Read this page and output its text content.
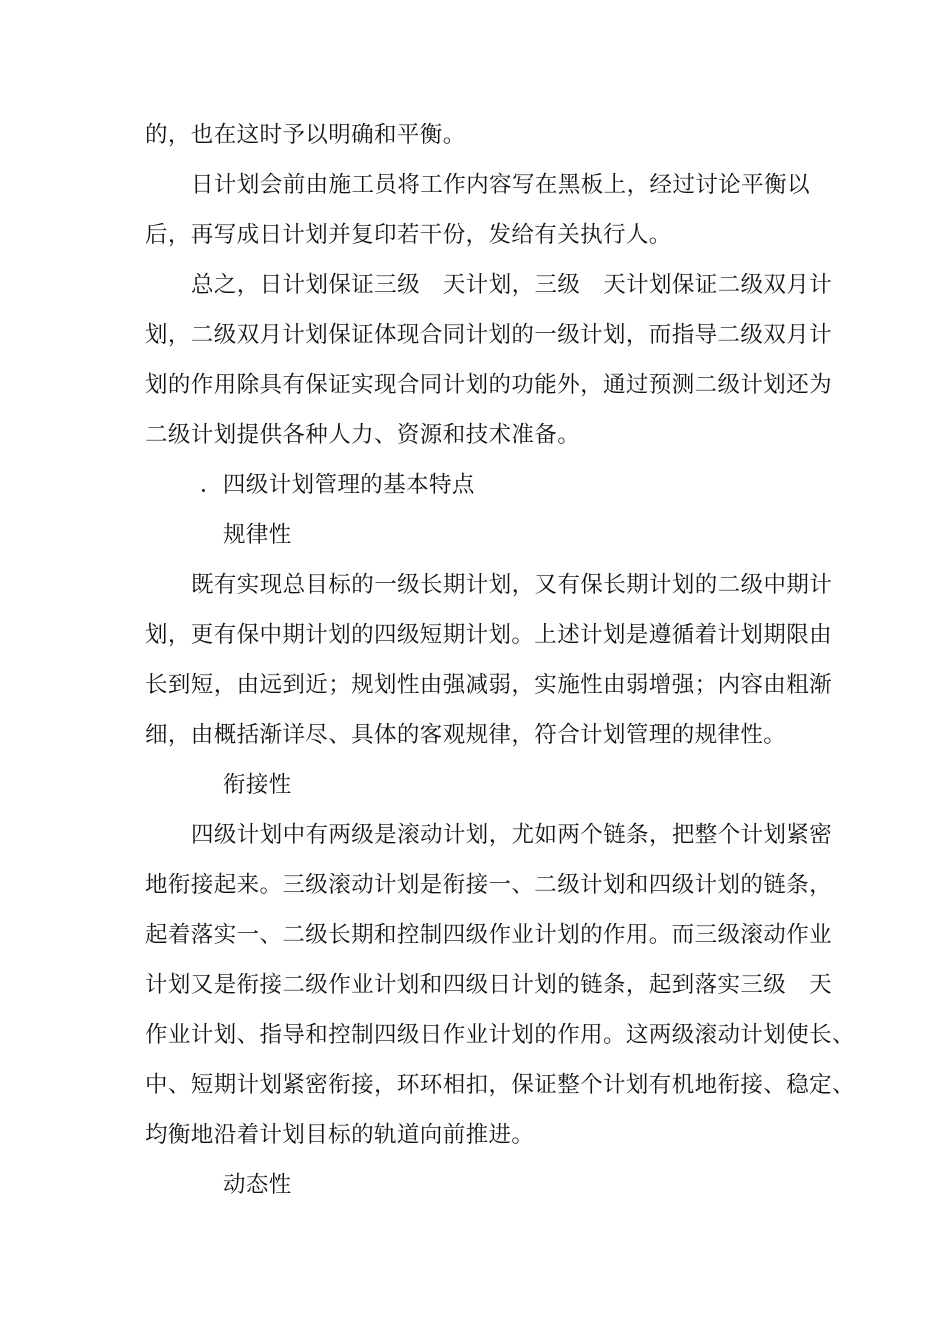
的，也在这时予以明确和平衡。
日计划会前由施工员将工作内容写在黑板上，经过讨论平衡以
后，再写成日计划并复印若干份，发给有关执行人。
总之，日计划保证三级　天计划，三级　天计划保证二级双月计
划，二级双月计划保证体现合同计划的一级计划，而指导二级双月计
划的作用除具有保证实现合同计划的功能外，通过预测二级计划还为
二级计划提供各种人力、资源和技术准备。
．四级计划管理的基本特点
规律性
既有实现总目标的一级长期计划，又有保长期计划的二级中期计
划，更有保中期计划的四级短期计划。上述计划是遵循着计划期限由
长到短，由远到近；规划性由强减弱，实施性由弱增强；内容由粗渐
细，由概括渐详尽、具体的客观规律，符合计划管理的规律性。
衔接性
四级计划中有两级是滚动计划，尤如两个链条，把整个计划紧密
地衔接起来。三级滚动计划是衔接一、二级计划和四级计划的链条，
起着落实一、二级长期和控制四级作业计划的作用。而三级滚动作业
计划又是衔接二级作业计划和四级日计划的链条，起到落实三级　天
作业计划、指导和控制四级日作业计划的作用。这两级滚动计划使长、
中、短期计划紧密衔接，环环相扣，保证整个计划有机地衔接、稳定、
均衡地沿着计划目标的轨道向前推进。
动态性
